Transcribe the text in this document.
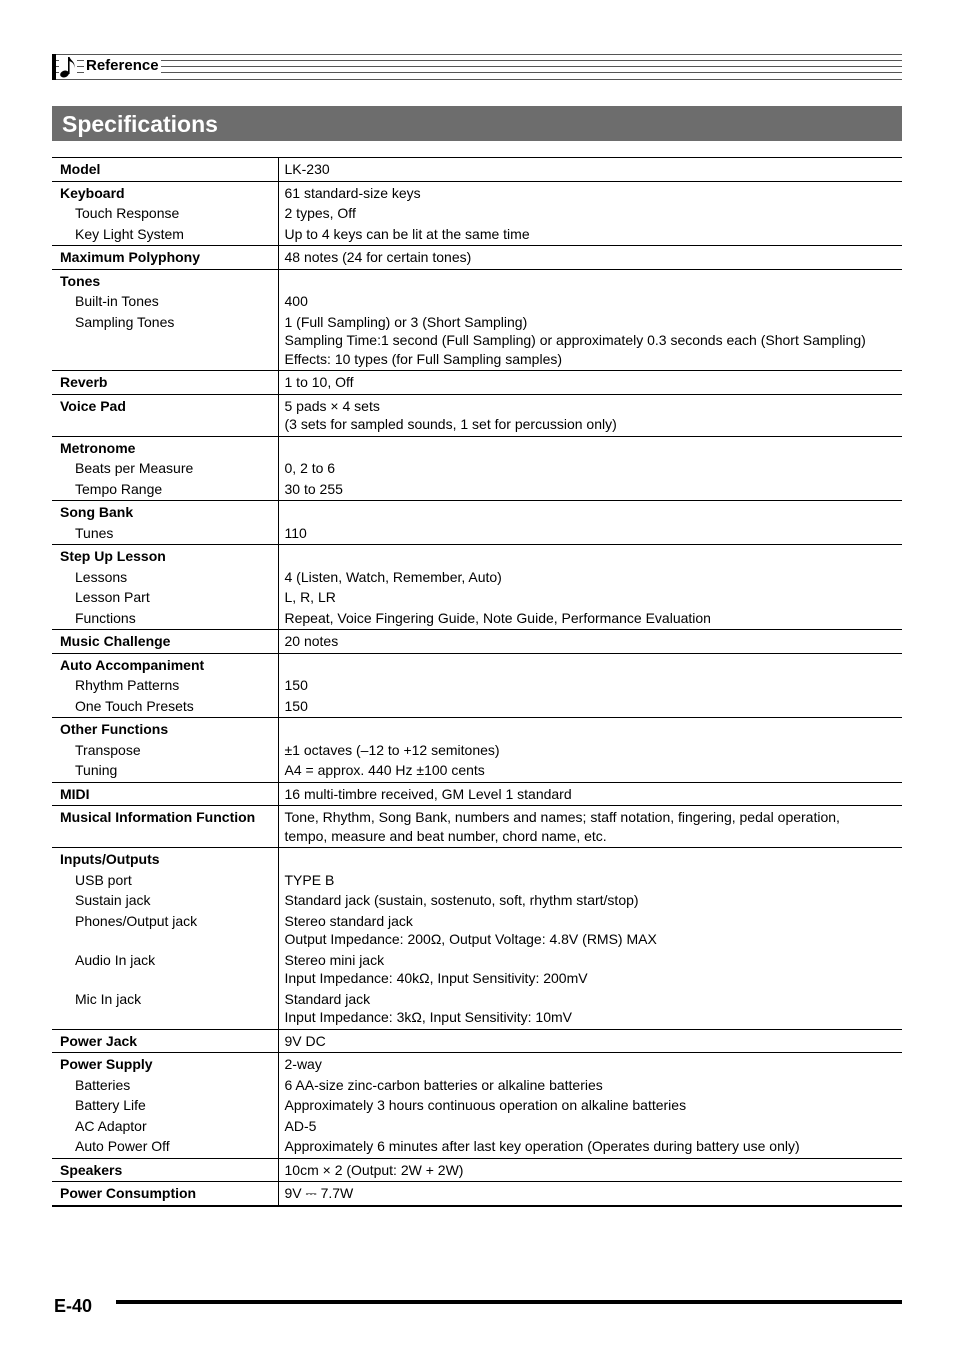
Reference
Specifications
Model	LK-230

Keyboard	61 standard-size keys

Touch Response	2 types, Off

Key Light System	Up to 4 keys can be lit at the same time

Maximum Polyphony	48 notes (24 for certain tones)

Tones	
Built-in Tones	400

Sampling Tones	1 (Full Sampling) or 3 (Short Sampling)
Sampling Time:1 second (Full Sampling) or approximately 0.3 seconds each (Short Sampling)
Effects: 10 types (for Full Sampling samples)

Reverb	1 to 10, Off

Voice Pad	5 pads × 4 sets
(3 sets for sampled sounds, 1 set for percussion only)

Metronome	
Beats per Measure	0, 2 to 6

Tempo Range	30 to 255

Song Bank	
Tunes	110

Step Up Lesson	
Lessons	4 (Listen, Watch, Remember, Auto)

Lesson Part	L, R, LR

Functions	Repeat, Voice Fingering Guide, Note Guide, Performance Evaluation

Music Challenge	20 notes

Auto Accompaniment	
Rhythm Patterns	150

One Touch Presets	150

Other Functions	
Transpose	±1 octaves (–12 to +12 semitones)

Tuning	A4 = approx. 440 Hz ±100 cents

MIDI	16 multi-timbre received, GM Level 1 standard

Musical Information Function	Tone, Rhythm, Song Bank, numbers and names; staff notation, fingering, pedal operation,
tempo, measure and beat number, chord name, etc.

Inputs/Outputs	
USB port	TYPE B

Sustain jack	Standard jack (sustain, sostenuto, soft, rhythm start/stop)

Phones/Output jack	Stereo standard jack
Output Impedance: 200Ω, Output Voltage: 4.8V (RMS) MAX

Audio In jack	Stereo mini jack
Input Impedance: 40kΩ, Input Sensitivity: 200mV

Mic In jack	Standard jack
Input Impedance: 3kΩ, Input Sensitivity: 10mV

Power Jack	9V DC

Power Supply	2-way

Batteries	6 AA-size zinc-carbon batteries or alkaline batteries

Battery Life	Approximately 3 hours continuous operation on alkaline batteries

AC Adaptor	AD-5

Auto Power Off	Approximately 6 minutes after last key operation (Operates during battery use only)

Speakers	10cm × 2 (Output: 2W + 2W)

Power Consumption	9V ⎓ 7.7W
E-40
